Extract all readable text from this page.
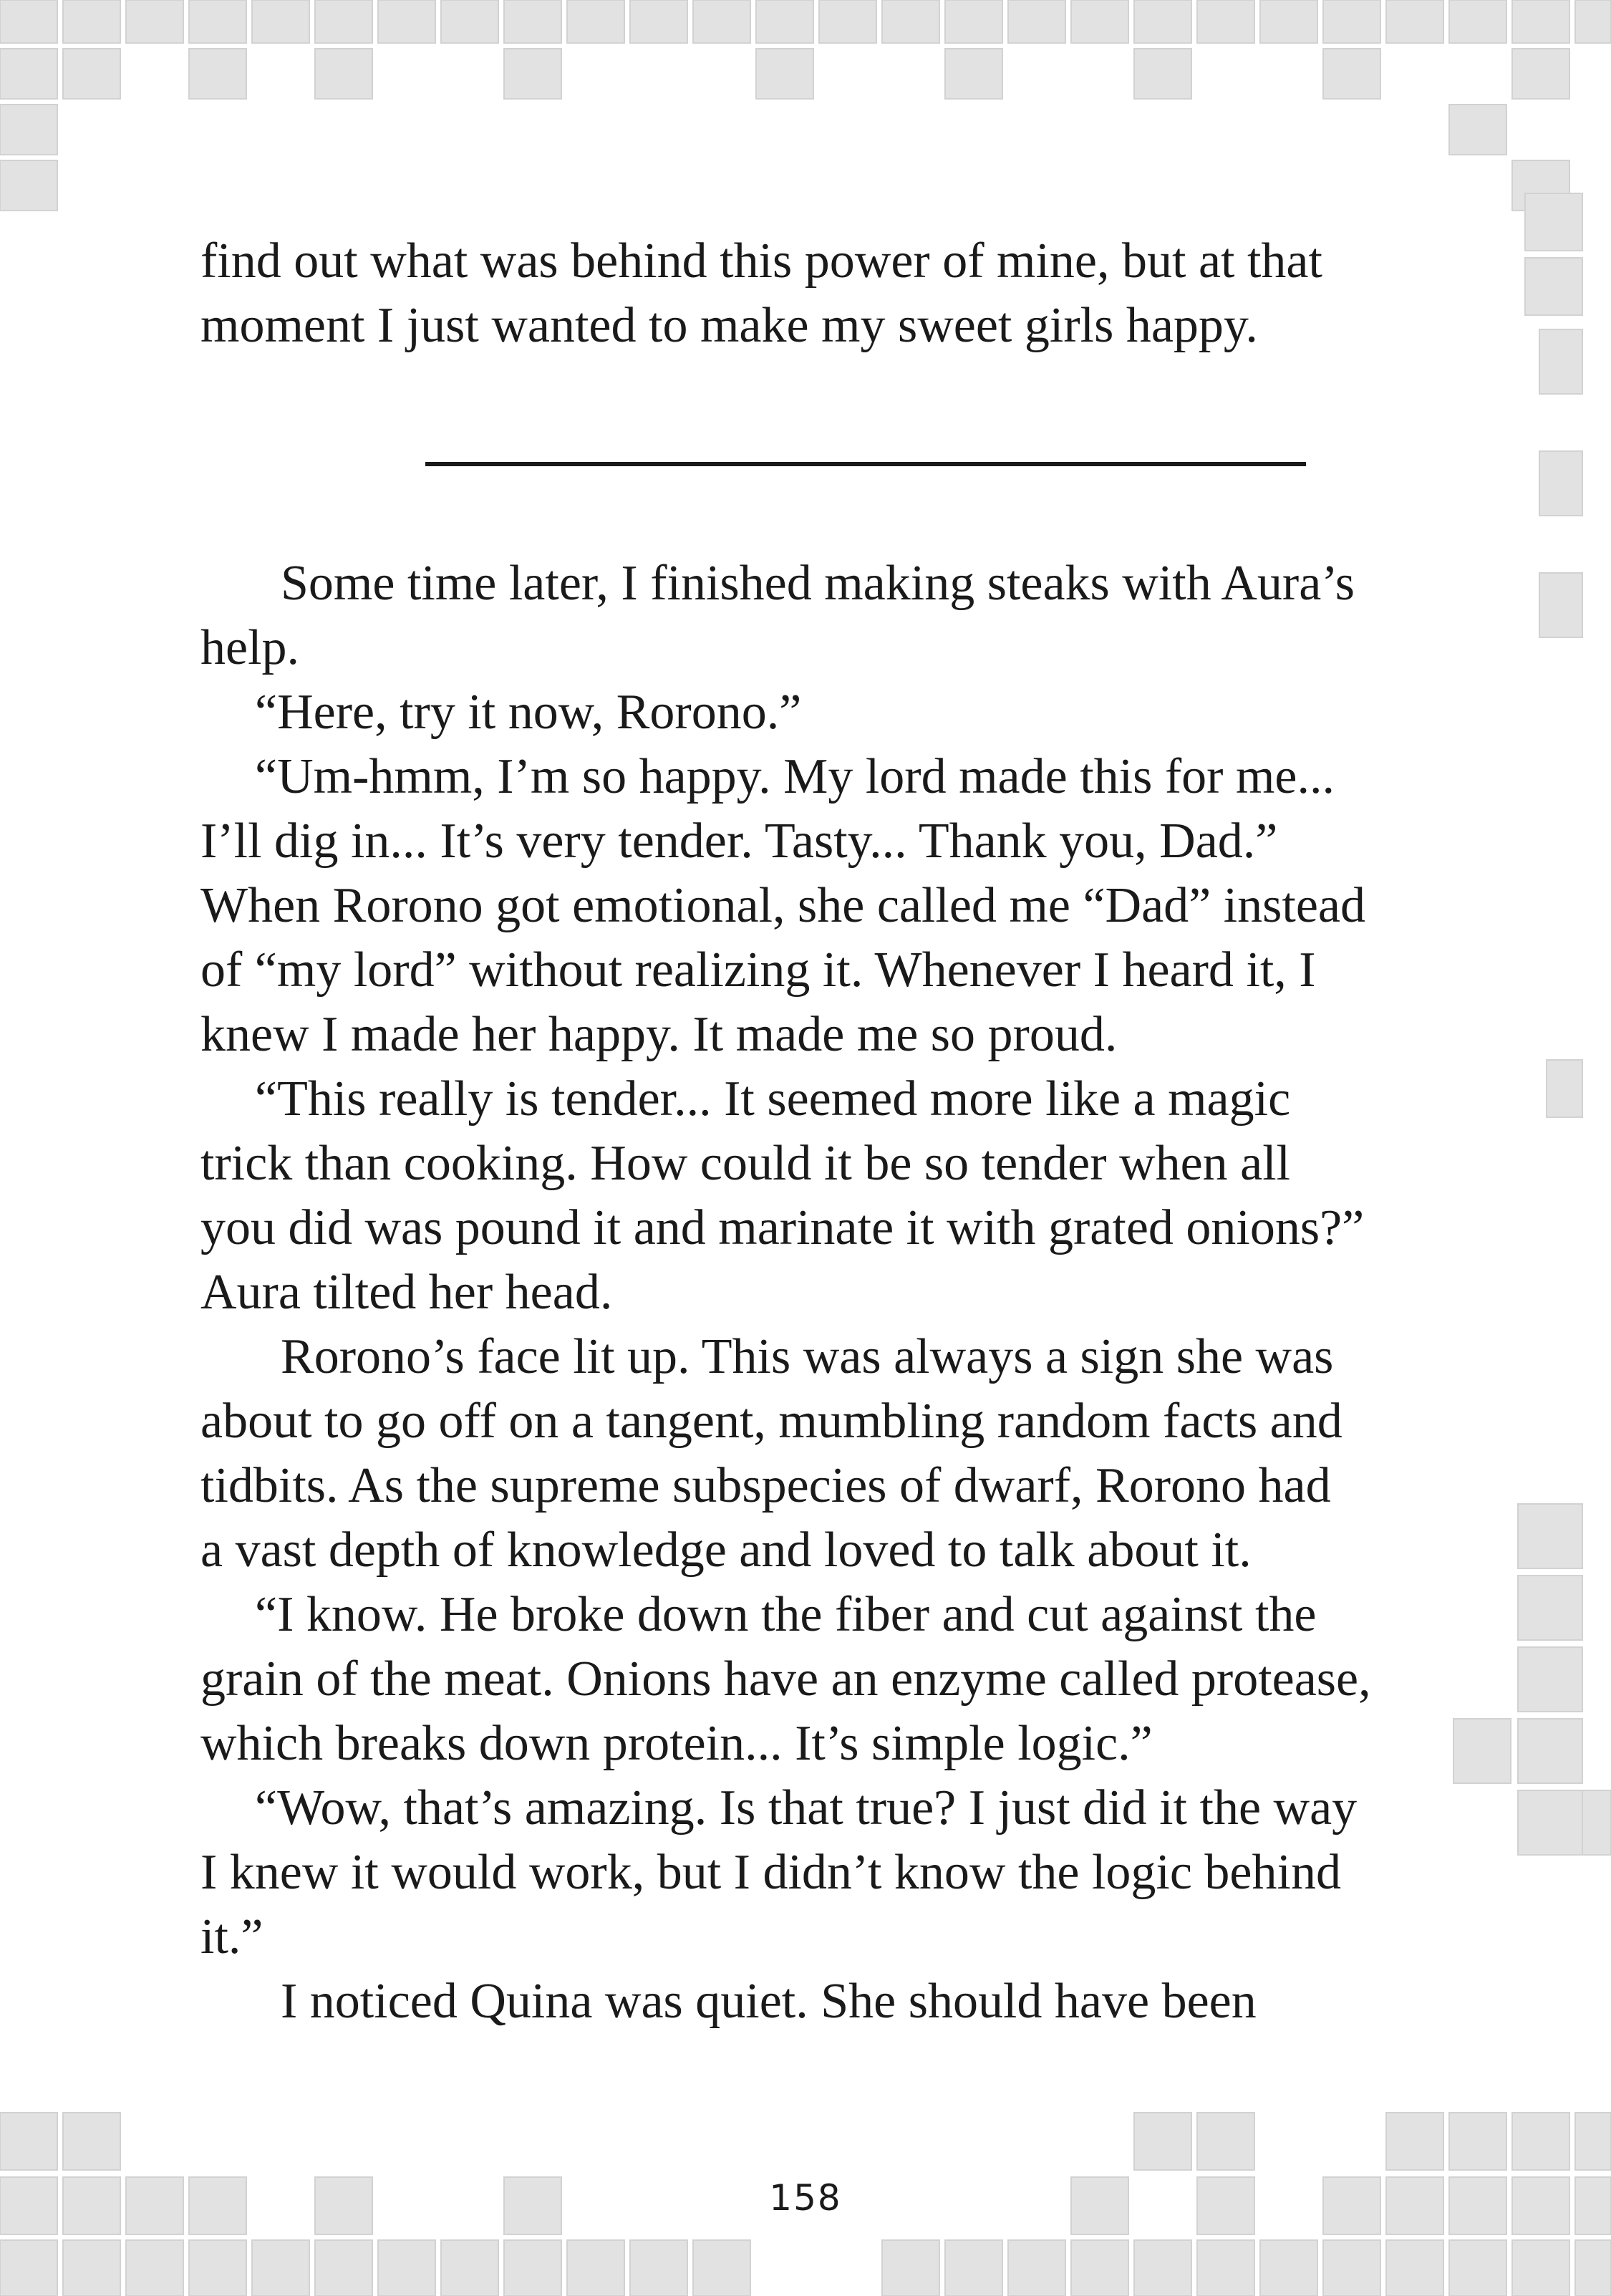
find out what was behind this power of mine, but at that
moment I just wanted to make my sweet girls happy.
Some time later, I finished making steaks with Aura’s
help.
“Here, try it now, Rorono.”
“Um-hmm, I’m so happy. My lord made this for me...
I’ll dig in... It’s very tender. Tasty... Thank you, Dad.”
When Rorono got emotional, she called me “Dad” instead
of “my lord” without realizing it. Whenever I heard it, I
knew I made her happy. It made me so proud.
“This really is tender... It seemed more like a magic
trick than cooking. How could it be so tender when all
you did was pound it and marinate it with grated onions?”
Aura tilted her head.
Rorono’s face lit up. This was always a sign she was
about to go off on a tangent, mumbling random facts and
tidbits. As the supreme subspecies of dwarf, Rorono had
a vast depth of knowledge and loved to talk about it.
“I know. He broke down the fiber and cut against the
grain of the meat. Onions have an enzyme called protease,
which breaks down protein... It’s simple logic.”
“Wow, that’s amazing. Is that true? I just did it the way
I knew it would work, but I didn’t know the logic behind
it.”
I noticed Quina was quiet. She should have been
158
